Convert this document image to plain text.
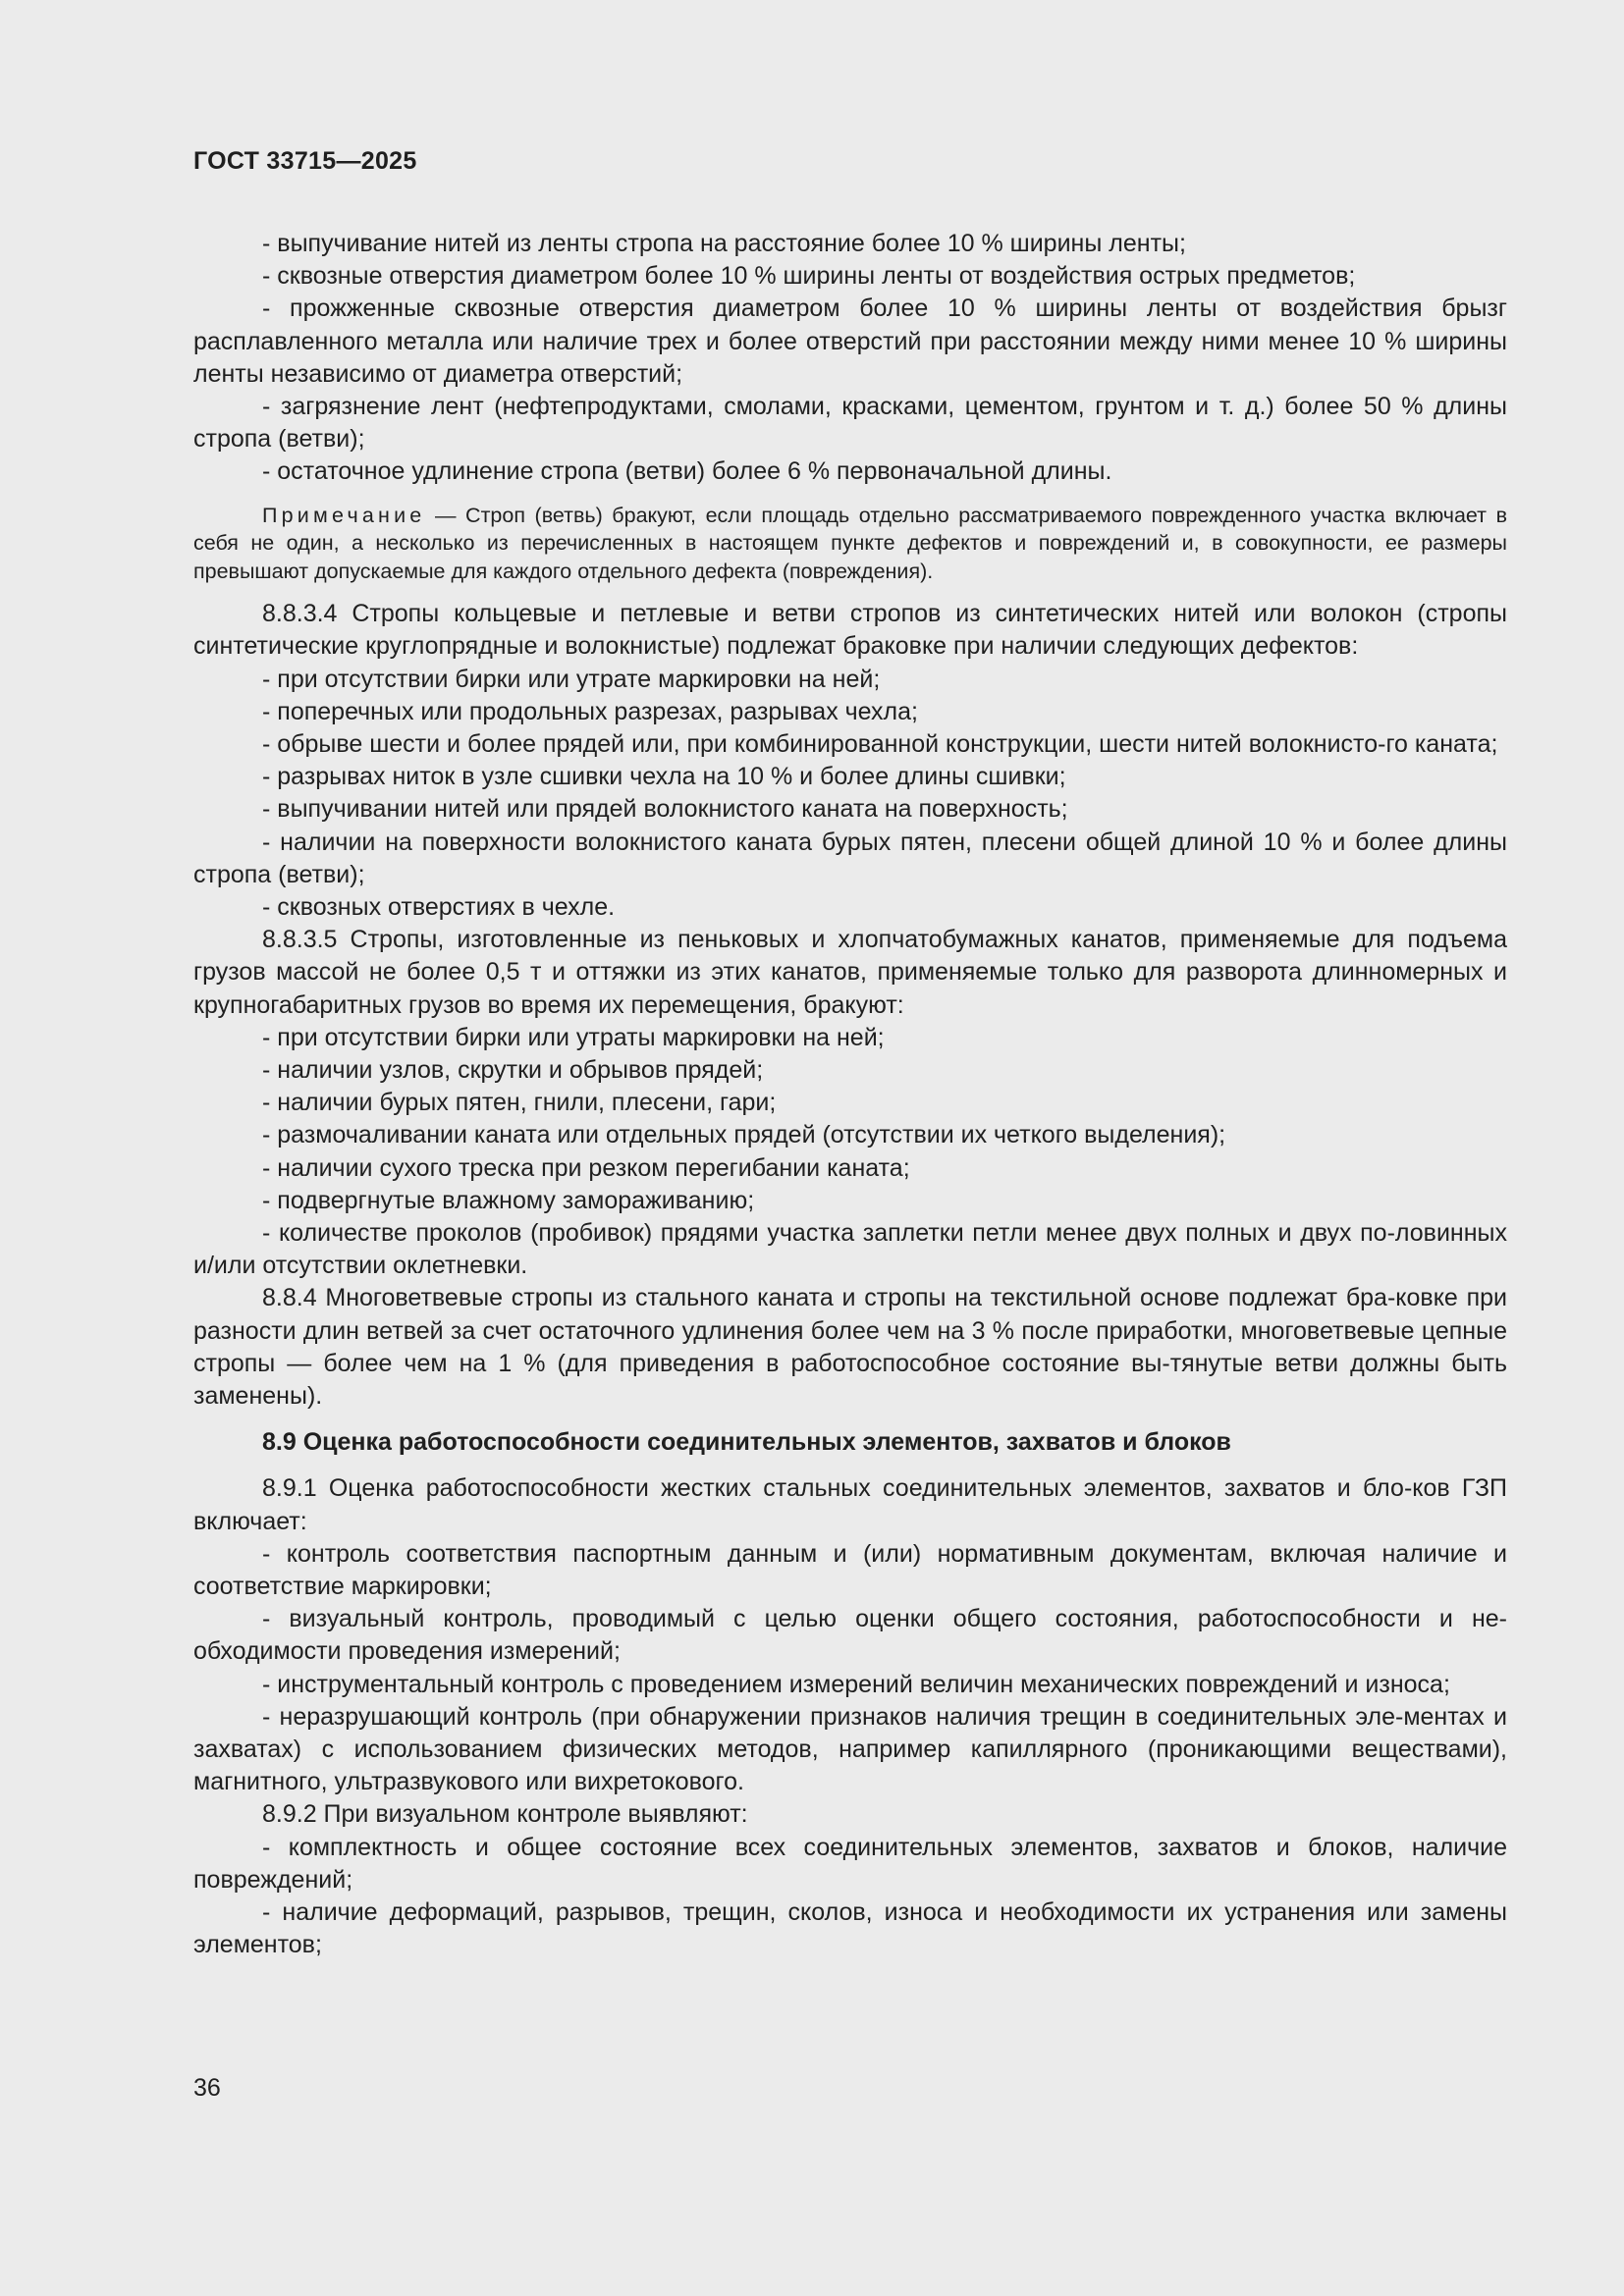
ГОСТ 33715—2025

- выпучивание нитей из ленты стропа на расстояние более 10 % ширины ленты;

- сквозные отверстия диаметром более 10 % ширины ленты от воздействия острых предметов;

- прожженные сквозные отверстия диаметром более 10 % ширины ленты от воздействия брызг расплавленного металла или наличие трех и более отверстий при расстоянии между ними менее 10 % ширины ленты независимо от диаметра отверстий;

- загрязнение лент (нефтепродуктами, смолами, красками, цементом, грунтом и т. д.) более 50 % длины стропа (ветви);

- остаточное удлинение стропа (ветви) более 6 % первоначальной длины.

Примечание — Строп (ветвь) бракуют, если площадь отдельно рассматриваемого поврежденного участка включает в себя не один, а несколько из перечисленных в настоящем пункте дефектов и повреждений и, в совокупности, ее размеры превышают допускаемые для каждого отдельного дефекта (повреждения).

8.8.3.4 Стропы кольцевые и петлевые и ветви стропов из синтетических нитей или волокон (стропы синтетические круглопрядные и волокнистые) подлежат браковке при наличии следующих дефектов:

- при отсутствии бирки или утрате маркировки на ней;

- поперечных или продольных разрезах, разрывах чехла;

- обрыве шести и более прядей или, при комбинированной конструкции, шести нитей волокнисто-го каната;

- разрывах ниток в узле сшивки чехла на 10 % и более длины сшивки;

- выпучивании нитей или прядей волокнистого каната на поверхность;

- наличии на поверхности волокнистого каната бурых пятен, плесени общей длиной 10 % и более длины стропа (ветви);

- сквозных отверстиях в чехле.

8.8.3.5 Стропы, изготовленные из пеньковых и хлопчатобумажных канатов, применяемые для подъема грузов массой не более 0,5 т и оттяжки из этих канатов, применяемые только для разворота длинномерных и крупногабаритных грузов во время их перемещения, бракуют:

- при отсутствии бирки или утраты маркировки на ней;

- наличии узлов, скрутки и обрывов прядей;

- наличии бурых пятен, гнили, плесени, гари;

- размочаливании каната или отдельных прядей (отсутствии их четкого выделения);

- наличии сухого треска при резком перегибании каната;

- подвергнутые влажному замораживанию;

- количестве проколов (пробивок) прядями участка заплетки петли менее двух полных и двух по-ловинных и/или отсутствии оклетневки.

8.8.4 Многоветвевые стропы из стального каната и стропы на текстильной основе подлежат бра-ковке при разности длин ветвей за счет остаточного удлинения более чем на 3 % после приработки, многоветвевые цепные стропы — более чем на 1 % (для приведения в работоспособное состояние вы-тянутые ветви должны быть заменены).

8.9 Оценка работоспособности соединительных элементов, захватов и блоков

8.9.1 Оценка работоспособности жестких стальных соединительных элементов, захватов и бло-ков ГЗП включает:

- контроль соответствия паспортным данным и (или) нормативным документам, включая наличие и соответствие маркировки;

- визуальный контроль, проводимый с целью оценки общего состояния, работоспособности и не-обходимости проведения измерений;

- инструментальный контроль с проведением измерений величин механических повреждений и износа;

- неразрушающий контроль (при обнаружении признаков наличия трещин в соединительных эле-ментах и захватах) с использованием физических методов, например капиллярного (проникающими веществами), магнитного, ультразвукового или вихретокового.

8.9.2 При визуальном контроле выявляют:

- комплектность и общее состояние всех соединительных элементов, захватов и блоков, наличие повреждений;

- наличие деформаций, разрывов, трещин, сколов, износа и необходимости их устранения или замены элементов;

36
